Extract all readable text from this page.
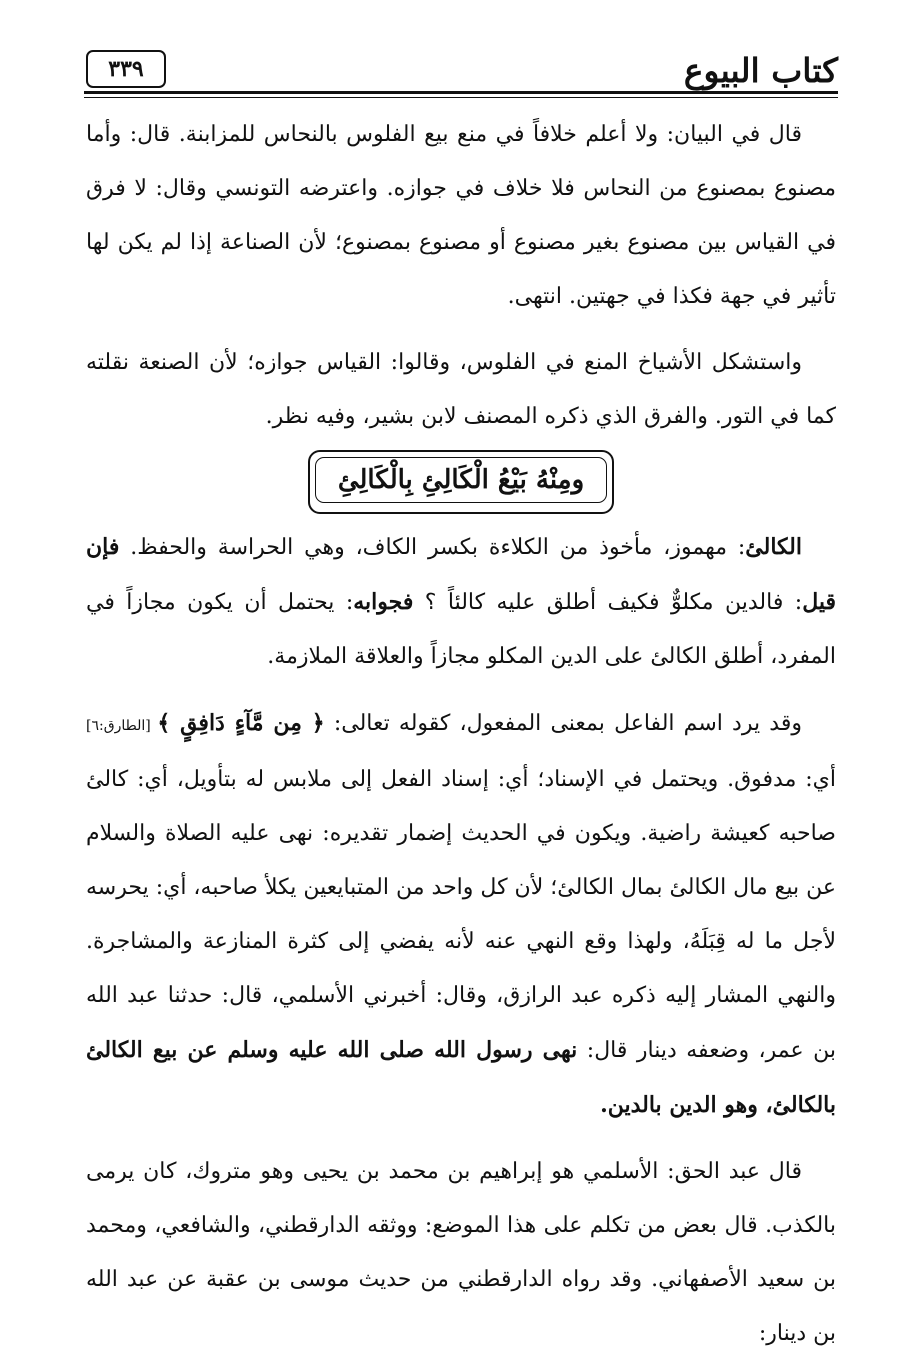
كتاب البيوع
٣٣٩

قال في البيان: ولا أعلم خلافاً في منع بيع الفلوس بالنحاس للمزابنة. قال: وأما مصنوع بمصنوع من النحاس فلا خلاف في جوازه. واعترضه التونسي وقال: لا فرق في القياس بين مصنوع بغير مصنوع أو مصنوع بمصنوع؛ لأن الصناعة إذا لم يكن لها تأثير في جهة فكذا في جهتين. انتهى.

واستشكل الأشياخ المنع في الفلوس، وقالوا: القياس جوازه؛ لأن الصنعة نقلته كما في التور. والفرق الذي ذكره المصنف لابن بشير، وفيه نظر.

ومِنْهُ بَيْعُ الْكَالِئِ بِالْكَالِئِ

الكالئ: مهموز، مأخوذ من الكلاءة بكسر الكاف، وهي الحراسة والحفظ. فإن قيل: فالدين مكلوٌّ فكيف أطلق عليه كالئاً ؟ فجوابه: يحتمل أن يكون مجازاً في المفرد، أطلق الكالئ على الدين المكلو مجازاً والعلاقة الملازمة.

وقد يرد اسم الفاعل بمعنى المفعول، كقوله تعالى: ﴿ مِن مَّآءٍ دَافِقٍ ﴾ [الطارق:٦] أي: مدفوق. ويحتمل في الإسناد؛ أي: إسناد الفعل إلى ملابس له بتأويل، أي: كالئ صاحبه كعيشة راضية. ويكون في الحديث إضمار تقديره: نهى عليه الصلاة والسلام عن بيع مال الكالئ بمال الكالئ؛ لأن كل واحد من المتبايعين يكلأ صاحبه، أي: يحرسه لأجل ما له قِبَلَهُ، ولهذا وقع النهي عنه لأنه يفضي إلى كثرة المنازعة والمشاجرة. والنهي المشار إليه ذكره عبد الرازق، وقال: أخبرني الأسلمي، قال: حدثنا عبد الله بن عمر، وضعفه دينار قال: نهى رسول الله صلى الله عليه وسلم عن بيع الكالئ بالكالئ، وهو الدين بالدين.

قال عبد الحق: الأسلمي هو إبراهيم بن محمد بن يحيى وهو متروك، كان يرمى بالكذب. قال بعض من تكلم على هذا الموضع: ووثقه الدارقطني، والشافعي، ومحمد بن سعيد الأصفهاني. وقد رواه الدارقطني من حديث موسى بن عقبة عن عبد الله بن دينار:
